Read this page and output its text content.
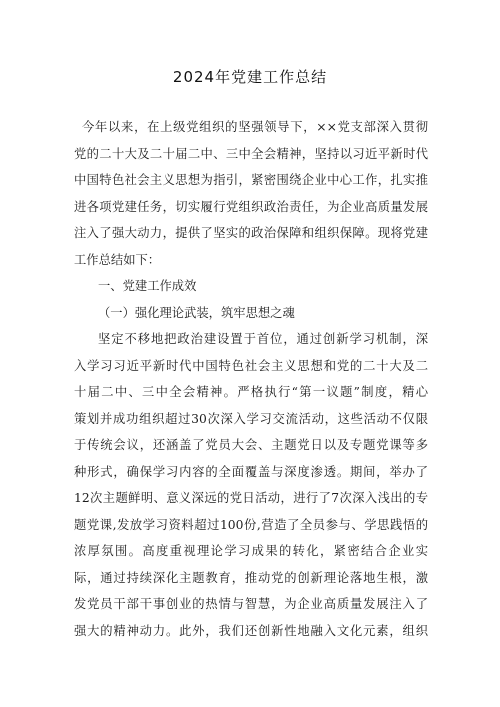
2024年党建工作总结
今年以来，在上级党组织的坚强领导下，××党支部深入贯彻
党的二十大及二十届二中、三中全会精神，坚持以习近平新时代
中国特色社会主义思想为指引，紧密围绕企业中心工作，扎实推
进各项党建任务，切实履行党组织政治责任，为企业高质量发展
注入了强大动力，提供了坚实的政治保障和组织保障。现将党建
工作总结如下：
一、党建工作成效
（一）强化理论武装，筑牢思想之魂
坚定不移地把政治建设置于首位，通过创新学习机制，深
入学习习近平新时代中国特色社会主义思想和党的二十大及二
十届二中、三中全会精神。严格执行“第一议题”制度，精心
策划并成功组织超过30次深入学习交流活动，这些活动不仅限
于传统会议，还涵盖了党员大会、主题党日以及专题党课等多
种形式，确保学习内容的全面覆盖与深度渗透。期间，举办了
12次主题鲜明、意义深远的党日活动，进行了7次深入浅出的专
题党课,发放学习资料超过100份,营造了全员参与、学思践悟的
浓厚氛围。高度重视理论学习成果的转化，紧密结合企业实
际，通过持续深化主题教育，推动党的创新理论落地生根，激
发党员干部干事创业的热情与智慧，为企业高质量发展注入了
强大的精神动力。此外，我们还创新性地融入文化元素，组织
